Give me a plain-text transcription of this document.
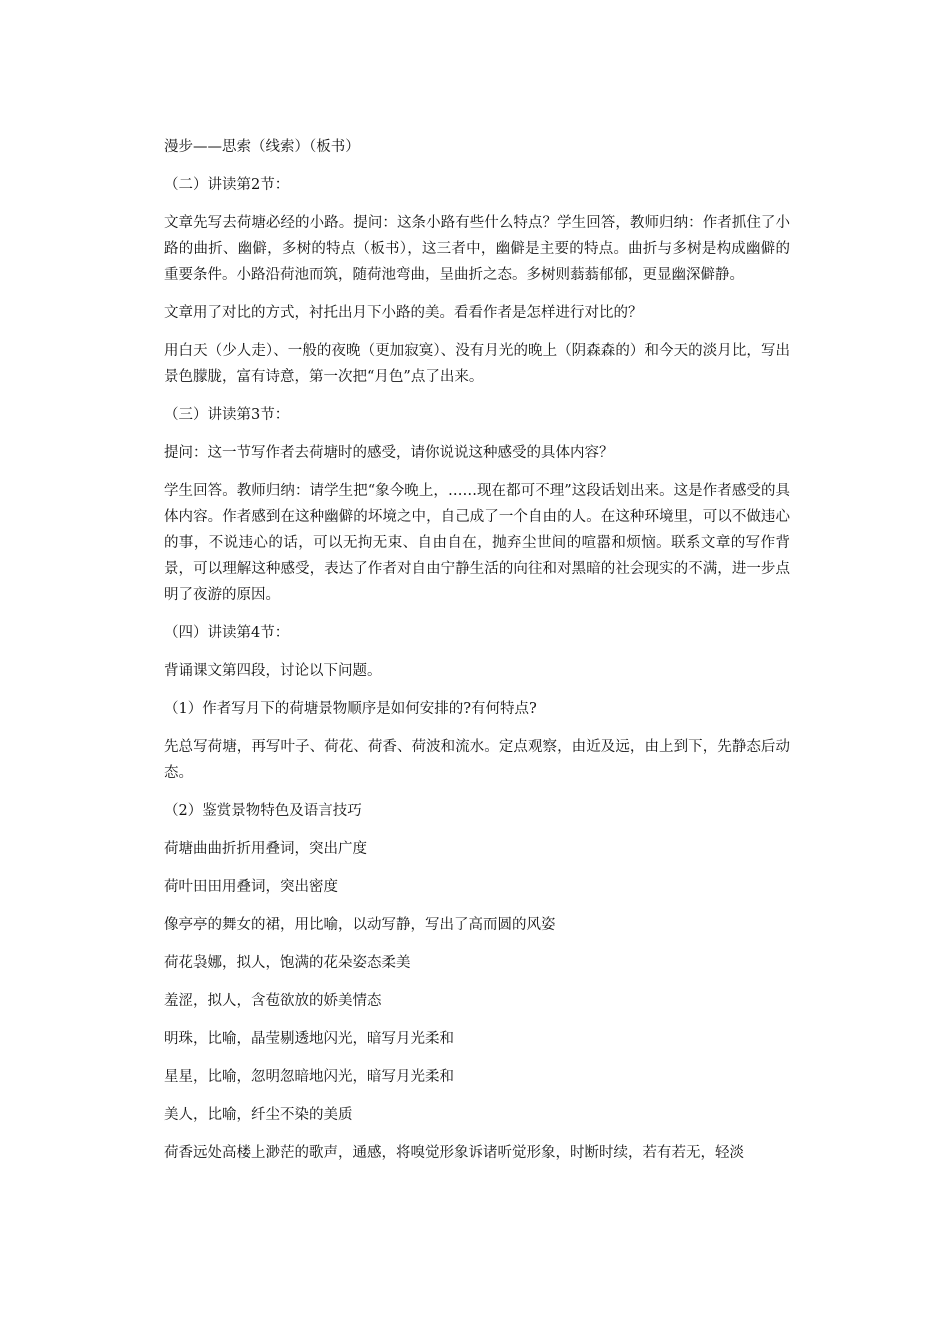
漫步——思索（线索）（板书）

（二）讲读第2节：

文章先写去荷塘必经的小路。提问：这条小路有些什么特点？学生回答，教师归纳：作者抓住了小路的曲折、幽僻，多树的特点（板书），这三者中，幽僻是主要的特点。曲折与多树是构成幽僻的重要条件。小路沿荷池而筑，随荷池弯曲，呈曲折之态。多树则蓊蓊郁郁，更显幽深僻静。

文章用了对比的方式，衬托出月下小路的美。看看作者是怎样进行对比的？

用白天（少人走）、一般的夜晚（更加寂寞）、没有月光的晚上（阴森森的）和今天的淡月比，写出景色朦胧，富有诗意，第一次把“月色”点了出来。

（三）讲读第3节：

提问：这一节写作者去荷塘时的感受，请你说说这种感受的具体内容？

学生回答。教师归纳：请学生把“象今晚上，……现在都可不理”这段话划出来。这是作者感受的具体内容。作者感到在这种幽僻的坏境之中，自己成了一个自由的人。在这种环境里，可以不做违心的事，不说违心的话，可以无拘无束、自由自在，抛弃尘世间的喧嚣和烦恼。联系文章的写作背景，可以理解这种感受，表达了作者对自由宁静生活的向往和对黑暗的社会现实的不满，进一步点明了夜游的原因。

（四）讲读第4节：

背诵课文第四段，讨论以下问题。

（1）作者写月下的荷塘景物顺序是如何安排的?有何特点?

先总写荷塘，再写叶子、荷花、荷香、荷波和流水。定点观察，由近及远，由上到下，先静态后动态。

（2）鉴赏景物特色及语言技巧

荷塘曲曲折折用叠词，突出广度

荷叶田田用叠词，突出密度

像亭亭的舞女的裙，用比喻，以动写静，写出了高而圆的风姿

荷花袅娜，拟人，饱满的花朵姿态柔美

羞涩，拟人，含苞欲放的娇美情态

明珠，比喻，晶莹剔透地闪光，暗写月光柔和

星星，比喻，忽明忽暗地闪光，暗写月光柔和

美人，比喻，纤尘不染的美质

荷香远处高楼上渺茫的歌声，通感，将嗅觉形象诉诸听觉形象，时断时续，若有若无，轻淡
